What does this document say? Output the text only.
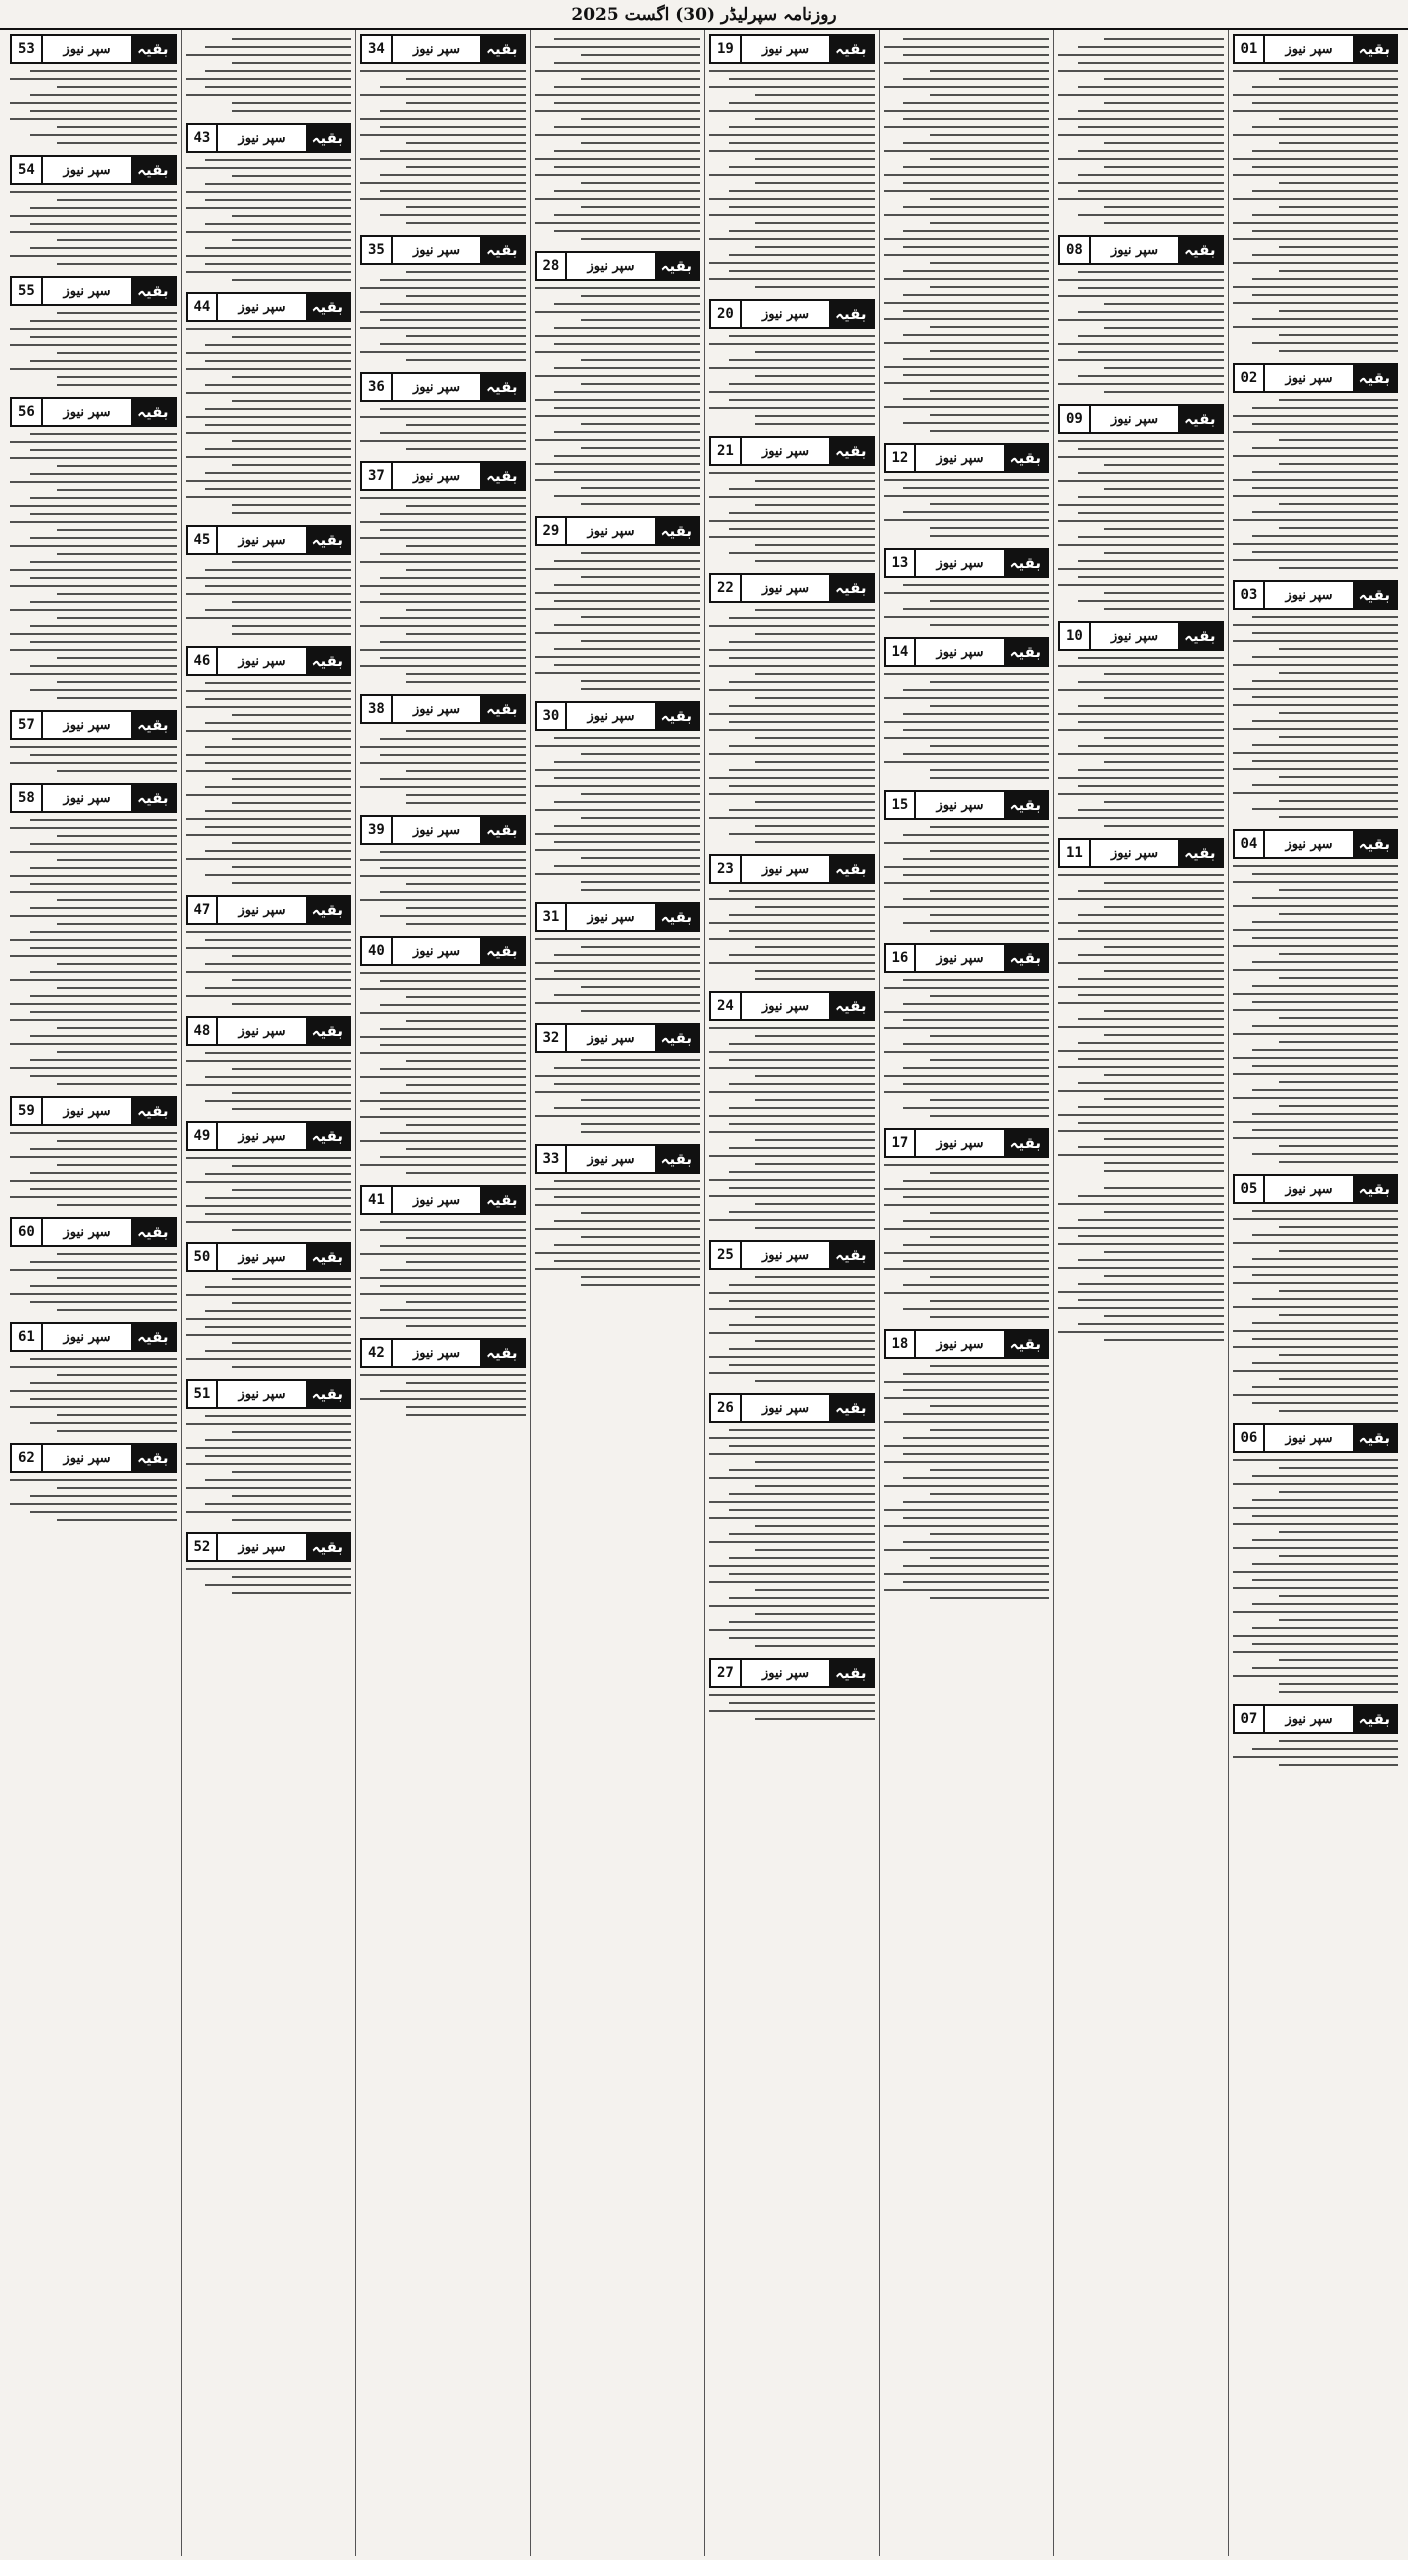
روزنامہ سپرلیڈر (30) اگست 2025
بقیہ
سپر نیوز
01
بقیہ
سپر نیوز
02
بقیہ
سپر نیوز
03
بقیہ
سپر نیوز
04
بقیہ
سپر نیوز
05
بقیہ
سپر نیوز
06
بقیہ
سپر نیوز
07
بقیہ
سپر نیوز
08
بقیہ
سپر نیوز
09
بقیہ
سپر نیوز
10
بقیہ
سپر نیوز
11
بقیہ
سپر نیوز
12
بقیہ
سپر نیوز
13
بقیہ
سپر نیوز
14
بقیہ
سپر نیوز
15
بقیہ
سپر نیوز
16
بقیہ
سپر نیوز
17
بقیہ
سپر نیوز
18
بقیہ
سپر نیوز
19
بقیہ
سپر نیوز
20
بقیہ
سپر نیوز
21
بقیہ
سپر نیوز
22
بقیہ
سپر نیوز
23
بقیہ
سپر نیوز
24
بقیہ
سپر نیوز
25
بقیہ
سپر نیوز
26
بقیہ
سپر نیوز
27
بقیہ
سپر نیوز
28
بقیہ
سپر نیوز
29
بقیہ
سپر نیوز
30
بقیہ
سپر نیوز
31
بقیہ
سپر نیوز
32
بقیہ
سپر نیوز
33
بقیہ
سپر نیوز
34
بقیہ
سپر نیوز
35
بقیہ
سپر نیوز
36
بقیہ
سپر نیوز
37
بقیہ
سپر نیوز
38
بقیہ
سپر نیوز
39
بقیہ
سپر نیوز
40
بقیہ
سپر نیوز
41
بقیہ
سپر نیوز
42
بقیہ
سپر نیوز
43
بقیہ
سپر نیوز
44
بقیہ
سپر نیوز
45
بقیہ
سپر نیوز
46
بقیہ
سپر نیوز
47
بقیہ
سپر نیوز
48
بقیہ
سپر نیوز
49
بقیہ
سپر نیوز
50
بقیہ
سپر نیوز
51
بقیہ
سپر نیوز
52
بقیہ
سپر نیوز
53
بقیہ
سپر نیوز
54
بقیہ
سپر نیوز
55
بقیہ
سپر نیوز
56
بقیہ
سپر نیوز
57
بقیہ
سپر نیوز
58
بقیہ
سپر نیوز
59
بقیہ
سپر نیوز
60
بقیہ
سپر نیوز
61
بقیہ
سپر نیوز
62
